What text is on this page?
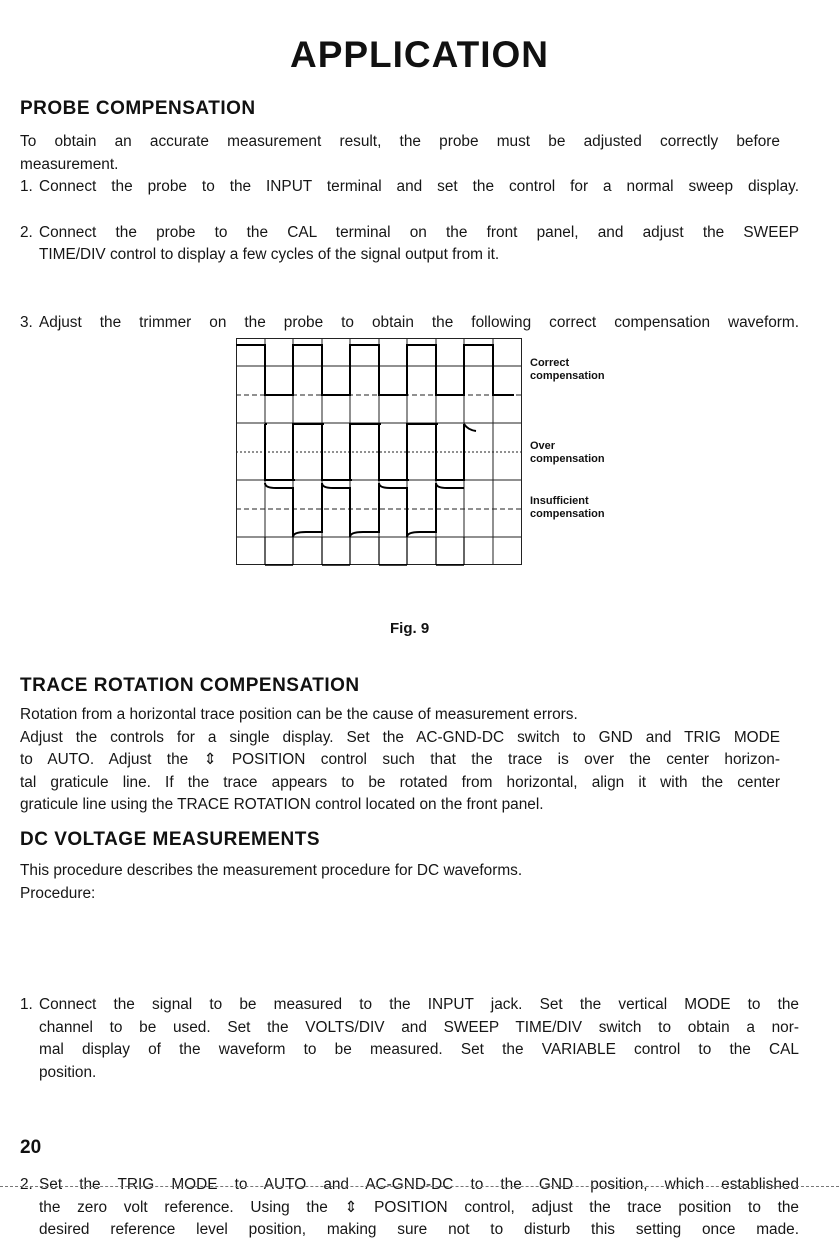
APPLICATION
PROBE COMPENSATION
To obtain an accurate measurement result, the probe must be adjusted correctly before
measurement.
1. Connect the probe to the INPUT terminal and set the control for a normal sweep display.
2. Connect the probe to the CAL terminal on the front panel, and adjust the SWEEP
TIME/DIV control to display a few cycles of the signal output from it.
3. Adjust the trimmer on the probe to obtain the following correct compensation waveform.
Correct
compensation
Over
compensation
Insufficient
compensation
Fig. 9
TRACE ROTATION COMPENSATION
Rotation from a horizontal trace position can be the cause of measurement errors.
Adjust the controls for a single display. Set the AC-GND-DC switch to GND and TRIG MODE
to AUTO. Adjust the ⇕ POSITION control such that the trace is over the center horizon-
tal graticule line. If the trace appears to be rotated from horizontal, align it with the center
graticule line using the TRACE ROTATION control located on the front panel.
DC VOLTAGE MEASUREMENTS
This procedure describes the measurement procedure for DC waveforms.
Procedure:
1. Connect the signal to be measured to the INPUT jack. Set the vertical MODE to the
channel to be used. Set the VOLTS/DIV and SWEEP TIME/DIV switch to obtain a nor-
mal display of the waveform to be measured. Set the VARIABLE control to the CAL
position.
2. Set the TRIG MODE to AUTO and AC-GND-DC to the GND position, which established
the zero volt reference. Using the ⇕ POSITION control, adjust the trace position to the
desired reference level position, making sure not to disturb this setting once made.
20
